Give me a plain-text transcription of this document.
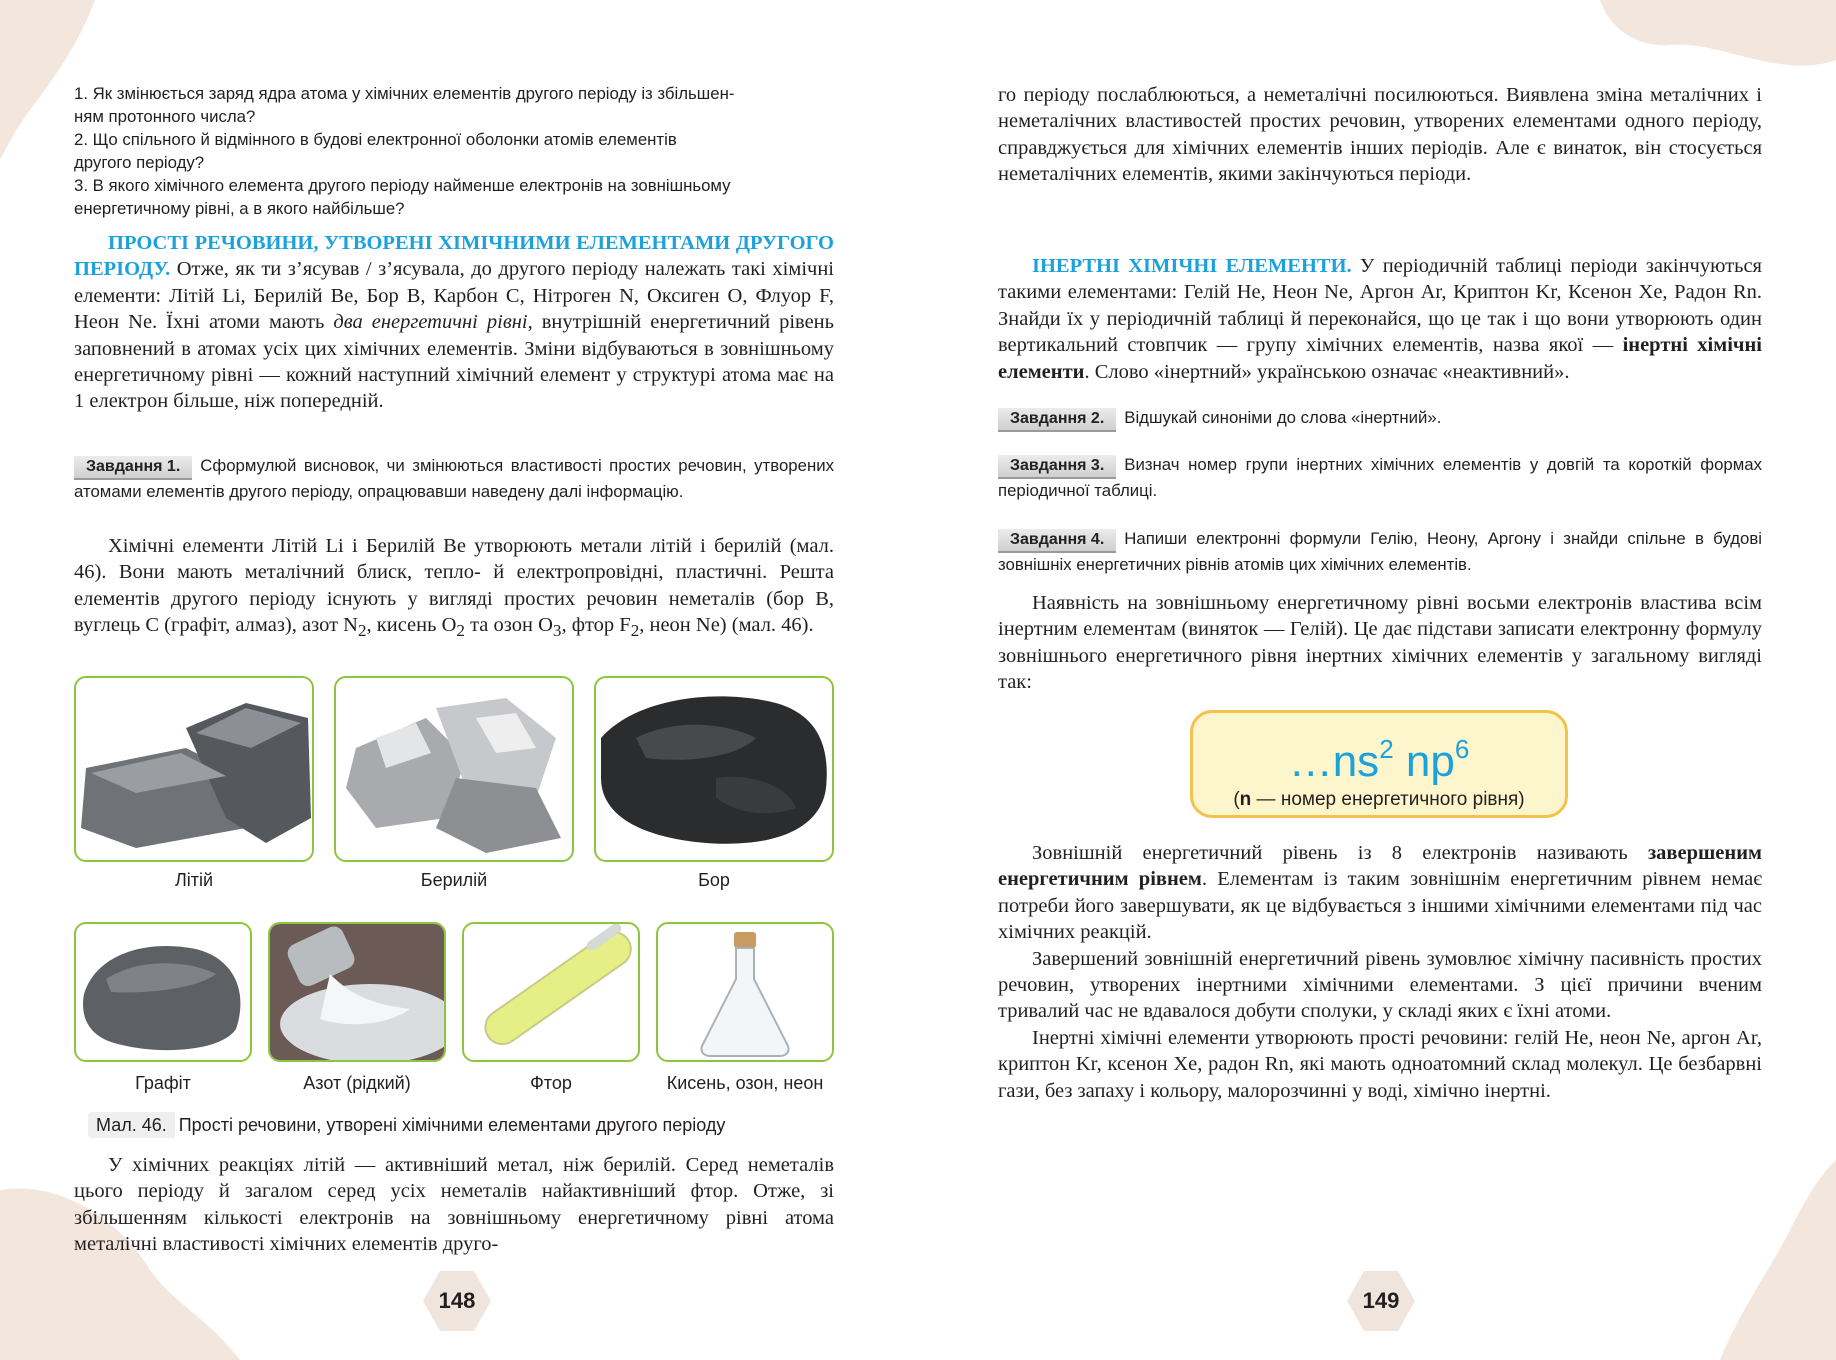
1. Як змінюється заряд ядра атома у хімічних елементів другого періоду із збільшен-

ням протонного числа?

2. Що спільного й відмінного в будові електронної оболонки атомів елементів

другого періоду?

3. В якого хімічного елемента другого періоду найменше електронів на зовнішньому

енергетичному рівні, а в якого найбільше?

ПРОСТІ РЕЧОВИНИ, УТВОРЕНІ ХІМІЧНИМИ ЕЛЕМЕНТАМИ ДРУГОГО ПЕРІОДУ. Отже, як ти з’ясував / з’ясувала, до другого періоду належать такі хімічні елементи: Літій Li, Берилій Be, Бор B, Карбон C, Нітроген N, Оксиген O, Флуор F, Неон Ne. Їхні атоми мають два енергетичні рівні, внутрішній енергетичний рівень заповнений в атомах усіх цих хімічних елементів. Зміни відбуваються в зовнішньому енергетичному рівні — кожний наступний хімічний елемент у структурі атома має на 1 електрон більше, ніж попередній.

Завдання 1. Сформулюй висновок, чи змінюються властивості простих речовин, утворених атомами елементів другого періоду, опрацювавши наведену далі інформацію.

Хімічні елементи Літій Li і Берилій Be утворюють метали літій і берилій (мал. 46). Вони мають металічний блиск, тепло- й електропровідні, пластичні. Решта елементів другого періоду існують у вигляді простих речовин неметалів (бор B, вуглець C (графіт, алмаз), азот $N_2$, кисень $O_2$ та озон $O_3$, фтор $F_2$, неон Ne) (мал. 46).

У хімічних реакціях літій — активніший метал, ніж берилій. Серед неметалів цього періоду й загалом серед усіх неметалів найактивніший фтор. Отже, зі збільшенням кількості електронів на зовнішньому енергетичному рівні атома металічні властивості хімічних елементів друго-

Літій	Берилій	Бор
Графіт	Азот (рідкий)	Фтор	Кисень, озон, неон
Мал. 46. Прості речовини, утворені хімічними елементами другого періоду
148	149

го періоду послаблюються, а неметалічні посилюються. Виявлена зміна металічних і неметалічних властивостей простих речовин, утворених елементами одного періоду, справджується для хімічних елементів інших періодів. Але є винаток, він стосується неметалічних елементів, якими закінчуються періоди.

ІНЕРТНІ ХІМІЧНІ ЕЛЕМЕНТИ. У періодичній таблиці періоди закінчуються такими елементами: Гелій He, Неон Ne, Аргон Ar, Криптон Kr, Ксенон Xe, Радон Rn. Знайди їх у періодичній таблиці й переконайся, що це так і що вони утворюють один вертикальний стовпчик — групу хімічних елементів, назва якої — інертні хімічні елементи. Слово «інертний» українською означає «неактивний».

Завдання 2. Відшукай синоніми до слова «інертний».

Завдання 3. Визнач номер групи інертних хімічних елементів у довгій та короткій формах періодичної таблиці.

Завдання 4. Напиши електронні формули Гелію, Неону, Аргону і знайди спільне в будові зовнішніх енергетичних рівнів атомів цих хімічних елементів.

Наявність на зовнішньому енергетичному рівні восьми електронів властива всім інертним елементам (виняток — Гелій). Це дає підстави записати електронну формулу зовнішнього енергетичного рівня інертних хімічних елементів у загальному вигляді так:

Зовнішній енергетичний рівень із 8 електронів називають завершеним енергетичним рівнем. Елементам із таким зовнішнім енергетичним рівнем немає потреби його завершувати, як це відбувається з іншими хімічними елементами під час хімічних реакцій.

Завершений зовнішній енергетичний рівень зумовлює хімічну пасивність простих речовин, утворених інертними хімічними елементами. З цієї причини вченим тривалий час не вдавалося добути сполуки, у складі яких є їхні атоми.

Інертні хімічні елементи утворюють прості речовини: гелій He, неон Ne, аргон Ar, криптон Kr, ксенон Xe, радон Rn, які мають одноатомний склад молекул. Це безбарвні гази, без запаху і кольору, малорозчинні у воді, хімічно інертні.

$\dots ns^2$ $np^6$
(n — номер енергетичного рівня)
